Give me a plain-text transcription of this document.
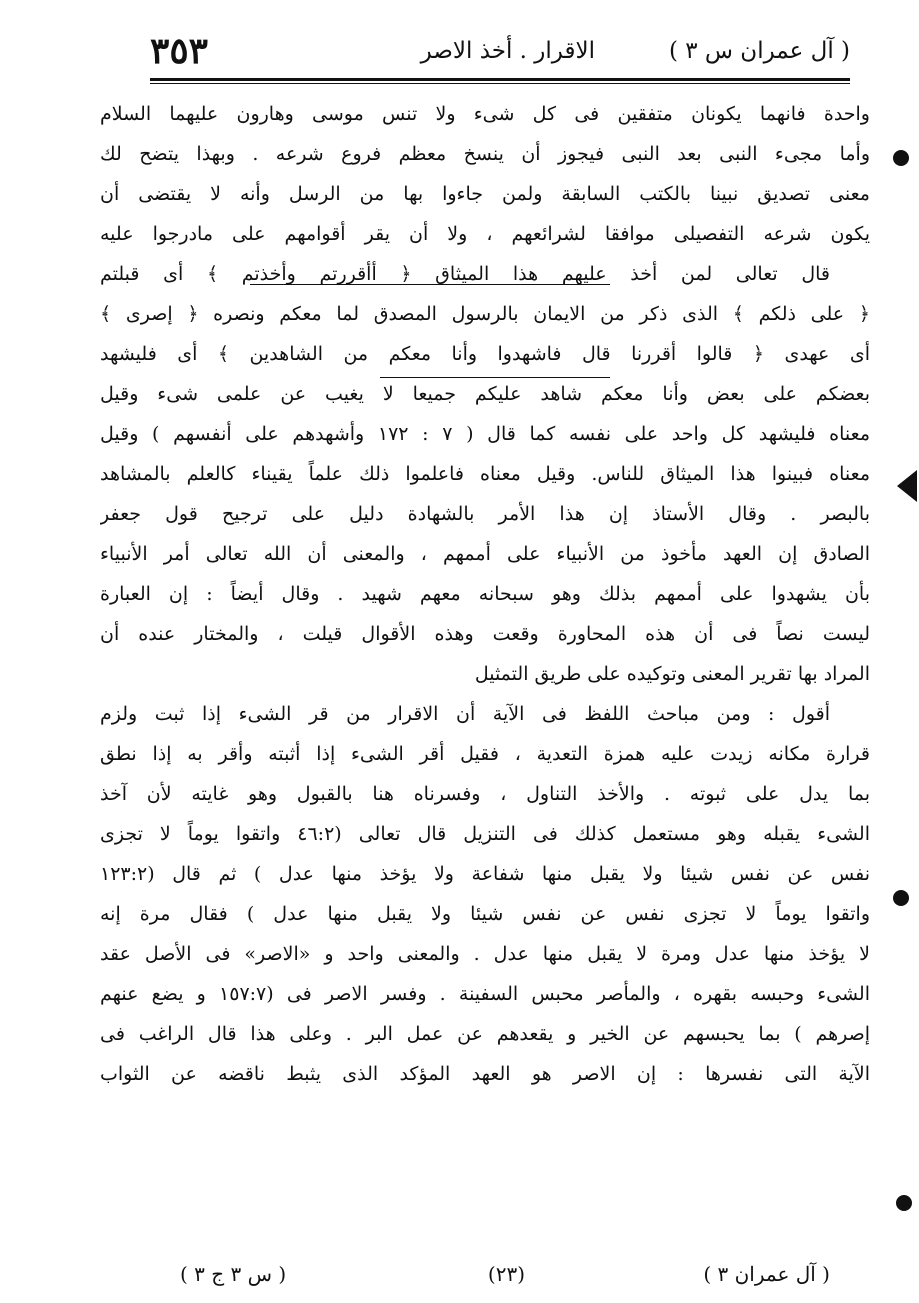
( آل عمران س ٣ )
الاقرار . أخذ الاصر
٣٥٣
واحدة فانهما يكونان متفقين فى كل شىء ولا تنس موسى وهارون عليهما السلام
وأما مجىء النبى بعد النبى فيجوز أن ينسخ معظم فروع شرعه . وبهذا يتضح لك
معنى تصديق نبينا بالكتب السابقة ولمن جاءوا بها من الرسل وأنه لا يقتضى أن
يكون شرعه التفصيلى موافقا لشرائعهم ، ولا أن يقر أقوامهم على مادرجوا عليه
قال تعالى لمن أخذ عليهم هذا الميثاق ﴿ أأقررتم وأخذتم ﴾ أى قبلتم
﴿ على ذلكم ﴾ الذى ذكر من الايمان بالرسول المصدق لما معكم ونصره ﴿ إصرى ﴾
أى عهدى ﴿ قالوا أقررنا قال فاشهدوا وأنا معكم من الشاهدين ﴾ أى فليشهد
بعضكم على بعض وأنا معكم شاهد عليكم جميعا لا يغيب عن علمى شىء وقيل
معناه فليشهد كل واحد على نفسه كما قال ( ٧ : ١٧٢ وأشهدهم على أنفسهم ) وقيل
معناه فبينوا هذا الميثاق للناس. وقيل معناه فاعلموا ذلك علماً يقيناء كالعلم بالمشاهد
بالبصر . وقال الأستاذ إن هذا الأمر بالشهادة دليل على ترجيح قول جعفر
الصادق إن العهد مأخوذ من الأنبياء على أممهم ، والمعنى أن الله تعالى أمر الأنبياء
بأن يشهدوا على أممهم بذلك وهو سبحانه معهم شهيد . وقال أيضاً : إن العبارة
ليست نصاً فى أن هذه المحاورة وقعت وهذه الأقوال قيلت ، والمختار عنده أن
المراد بها تقرير المعنى وتوكيده على طريق التمثيل
أقول : ومن مباحث اللفظ فى الآية أن الاقرار من قر الشىء إذا ثبت ولزم
قرارة مكانه زيدت عليه همزة التعدية ، فقيل أقر الشىء إذا أثبته وأقر به إذا نطق
بما يدل على ثبوته . والأخذ التناول ، وفسرناه هنا بالقبول وهو غايته لأن آخذ
الشىء يقبله وهو مستعمل كذلك فى التنزيل قال تعالى (٤٦:٢ واتقوا يوماً لا تجزى
نفس عن نفس شيئا ولا يقبل منها شفاعة ولا يؤخذ منها عدل ) ثم قال (١٢٣:٢
واتقوا يوماً لا تجزى نفس عن نفس شيئا ولا يقبل منها عدل ) فقال مرة إنه
لا يؤخذ منها عدل ومرة لا يقبل منها عدل . والمعنى واحد و «الاصر» فى الأصل عقد
الشىء وحبسه بقهره ، والمأصر محبس السفينة . وفسر الاصر فى (١٥٧:٧ و يضع عنهم
إصرهم ) بما يحبسهم عن الخير و يقعدهم عن عمل البر . وعلى هذا قال الراغب فى
الآية التى نفسرها : إن الاصر هو العهد المؤكد الذى يثبط ناقضه عن الثواب
( آل عمران ٣ )
(٢٣)
( س ٣ ج ٣ )
